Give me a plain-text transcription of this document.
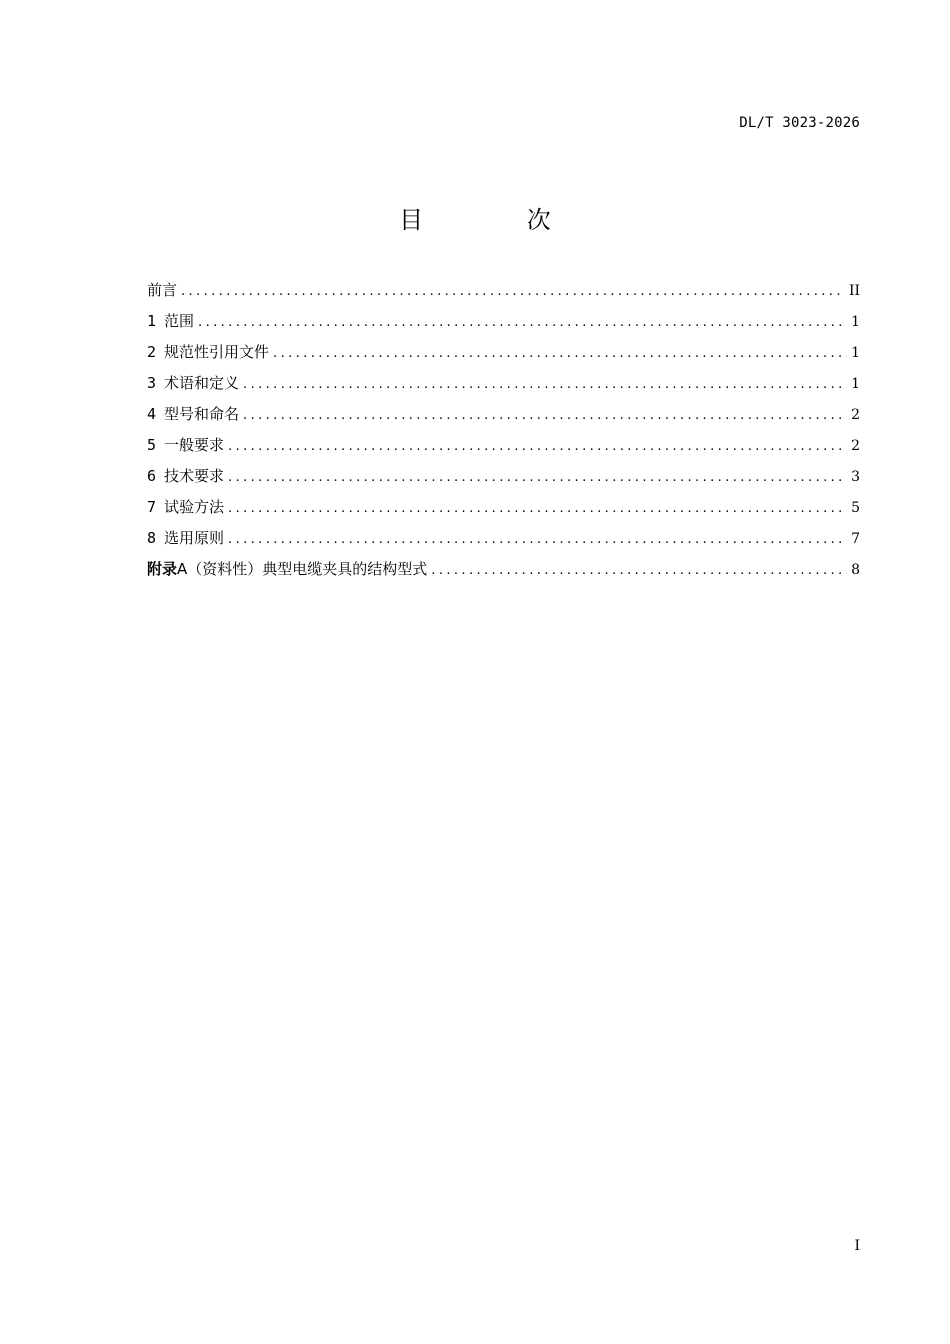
DL/T 3023-2026
目 次
前言 .....	II
1 范围 .....	1
2 规范性引用文件 .....	1
3 术语和定义 .....	1
4 型号和命名 .....	2
5 一般要求 .....	2
6 技术要求 .....	3
7 试验方法 .....	5
8 选用原则 .....	7
附录A（资料性）典型电缆夹具的结构型式 .....	8
I
